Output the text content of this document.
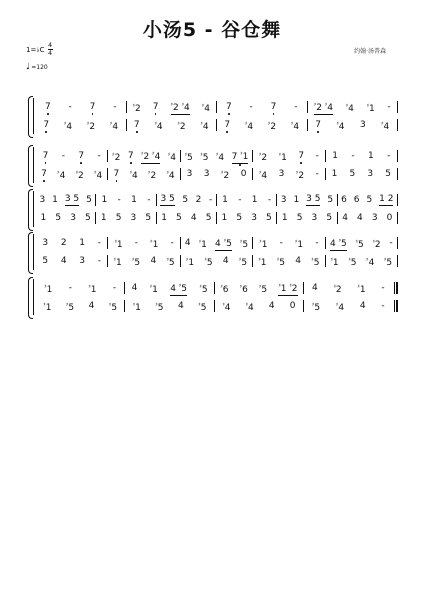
小汤5 - 谷仓舞
约翰·汤普森
1=♭C $\frac{4}{4}$
♩ =120
7 - 7 -	♯2 7 ♯2 ♯4 ♯4 7 - 7 -	♯2 ♯4	♯4	♯1 -
7	♯4	♯2	♯4 7	♯4	♯2	♯4 7	♯4	♯2	♯4 7	♯4 3	♯4
7 - 7 - ♯2 7 ♯2 ♯4 ♯4 ♯5 ♯5 ♯4 7 ♯1 ♯2 ♯1 7 - 1 - 1 -
7 ♯4 ♯2 ♯4 7 ♯4 ♯2 ♯4 3 3 ♯2 0	♯4 3 ♯2 - 1 5 3 5
3 1 3 5 5 1 - 1 - 3 5 5 2 - 1 - 1 - 3 1 3 5 5 6 6 5 1 2
1 5 3 5 1 5 3 5 1 5 4 5 1 5 3 5 1 5 3 5 4 4 3 0
3 2 1 -	♯1 - ♯1 - 4 ♯1 4 ♯5 ♯5 ♯1 - ♯1 - 4 ♯5 ♯5 ♯2 -
5 4 3 -	♯1 ♯5 4 ♯5 ♯1 ♯5 4 ♯5 ♯1 ♯5 4 ♯5 ♯1 ♯5 ♯4 ♯5
♯1 -	♯1 - 4 ♯1 4 ♯5 ♯5	♯6 ♯6 ♯5 ♯1 ♯2 4	♯2	♯1 -
♯1	♯5 4	♯5	♯1	♯5 4	♯5	♯4	♯4 4 0	♯5	♯4 4 -
